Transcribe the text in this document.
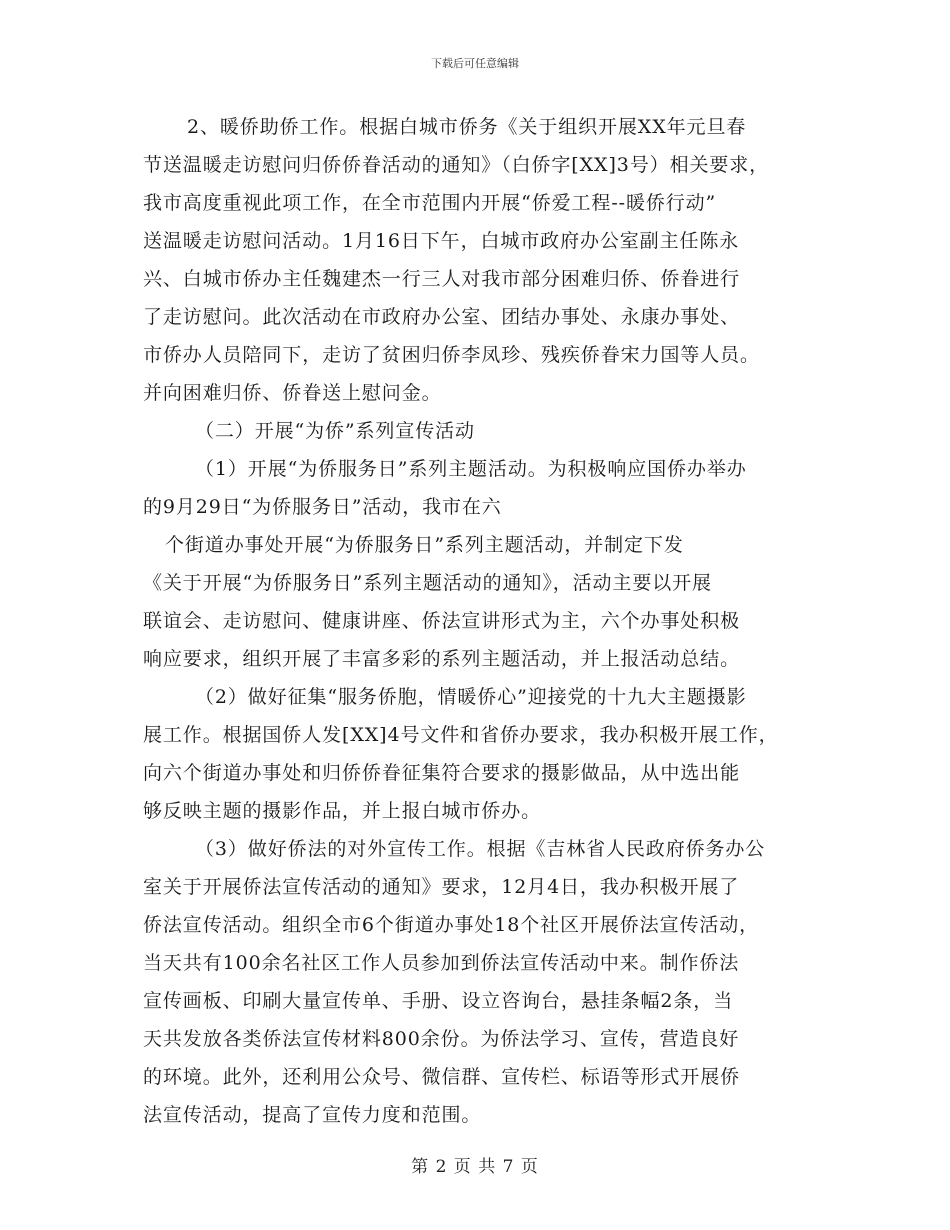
下载后可任意编辑
2、暖侨助侨工作。根据白城市侨务《关于组织开展XX年元旦春
节送温暖走访慰问归侨侨眷活动的通知》（白侨字[XX]3号）相关要求，
我市高度重视此项工作，在全市范围内开展“侨爱工程--暖侨行动”
送温暖走访慰问活动。1月16日下午，白城市政府办公室副主任陈永
兴、白城市侨办主任魏建杰一行三人对我市部分困难归侨、侨眷进行
了走访慰问。此次活动在市政府办公室、团结办事处、永康办事处、
市侨办人员陪同下，走访了贫困归侨李凤珍、残疾侨眷宋力国等人员。
并向困难归侨、侨眷送上慰问金。
（二）开展“为侨”系列宣传活动
（1）开展“为侨服务日”系列主题活动。为积极响应国侨办举办
的9月29日“为侨服务日”活动，我市在六
个街道办事处开展“为侨服务日”系列主题活动，并制定下发
《关于开展“为侨服务日”系列主题活动的通知》，活动主要以开展
联谊会、走访慰问、健康讲座、侨法宣讲形式为主，六个办事处积极
响应要求，组织开展了丰富多彩的系列主题活动，并上报活动总结。
（2）做好征集“服务侨胞，情暖侨心”迎接党的十九大主题摄影
展工作。根据国侨人发[XX]4号文件和省侨办要求，我办积极开展工作，
向六个街道办事处和归侨侨眷征集符合要求的摄影做品，从中选出能
够反映主题的摄影作品，并上报白城市侨办。
（3）做好侨法的对外宣传工作。根据《吉林省人民政府侨务办公
室关于开展侨法宣传活动的通知》要求，12月4日，我办积极开展了
侨法宣传活动。组织全市6个街道办事处18个社区开展侨法宣传活动，
当天共有100余名社区工作人员参加到侨法宣传活动中来。制作侨法
宣传画板、印刷大量宣传单、手册、设立咨询台，悬挂条幅2条，当
天共发放各类侨法宣传材料800余份。为侨法学习、宣传，营造良好
的环境。此外，还利用公众号、微信群、宣传栏、标语等形式开展侨
法宣传活动，提高了宣传力度和范围。
第 2 页 共 7 页
